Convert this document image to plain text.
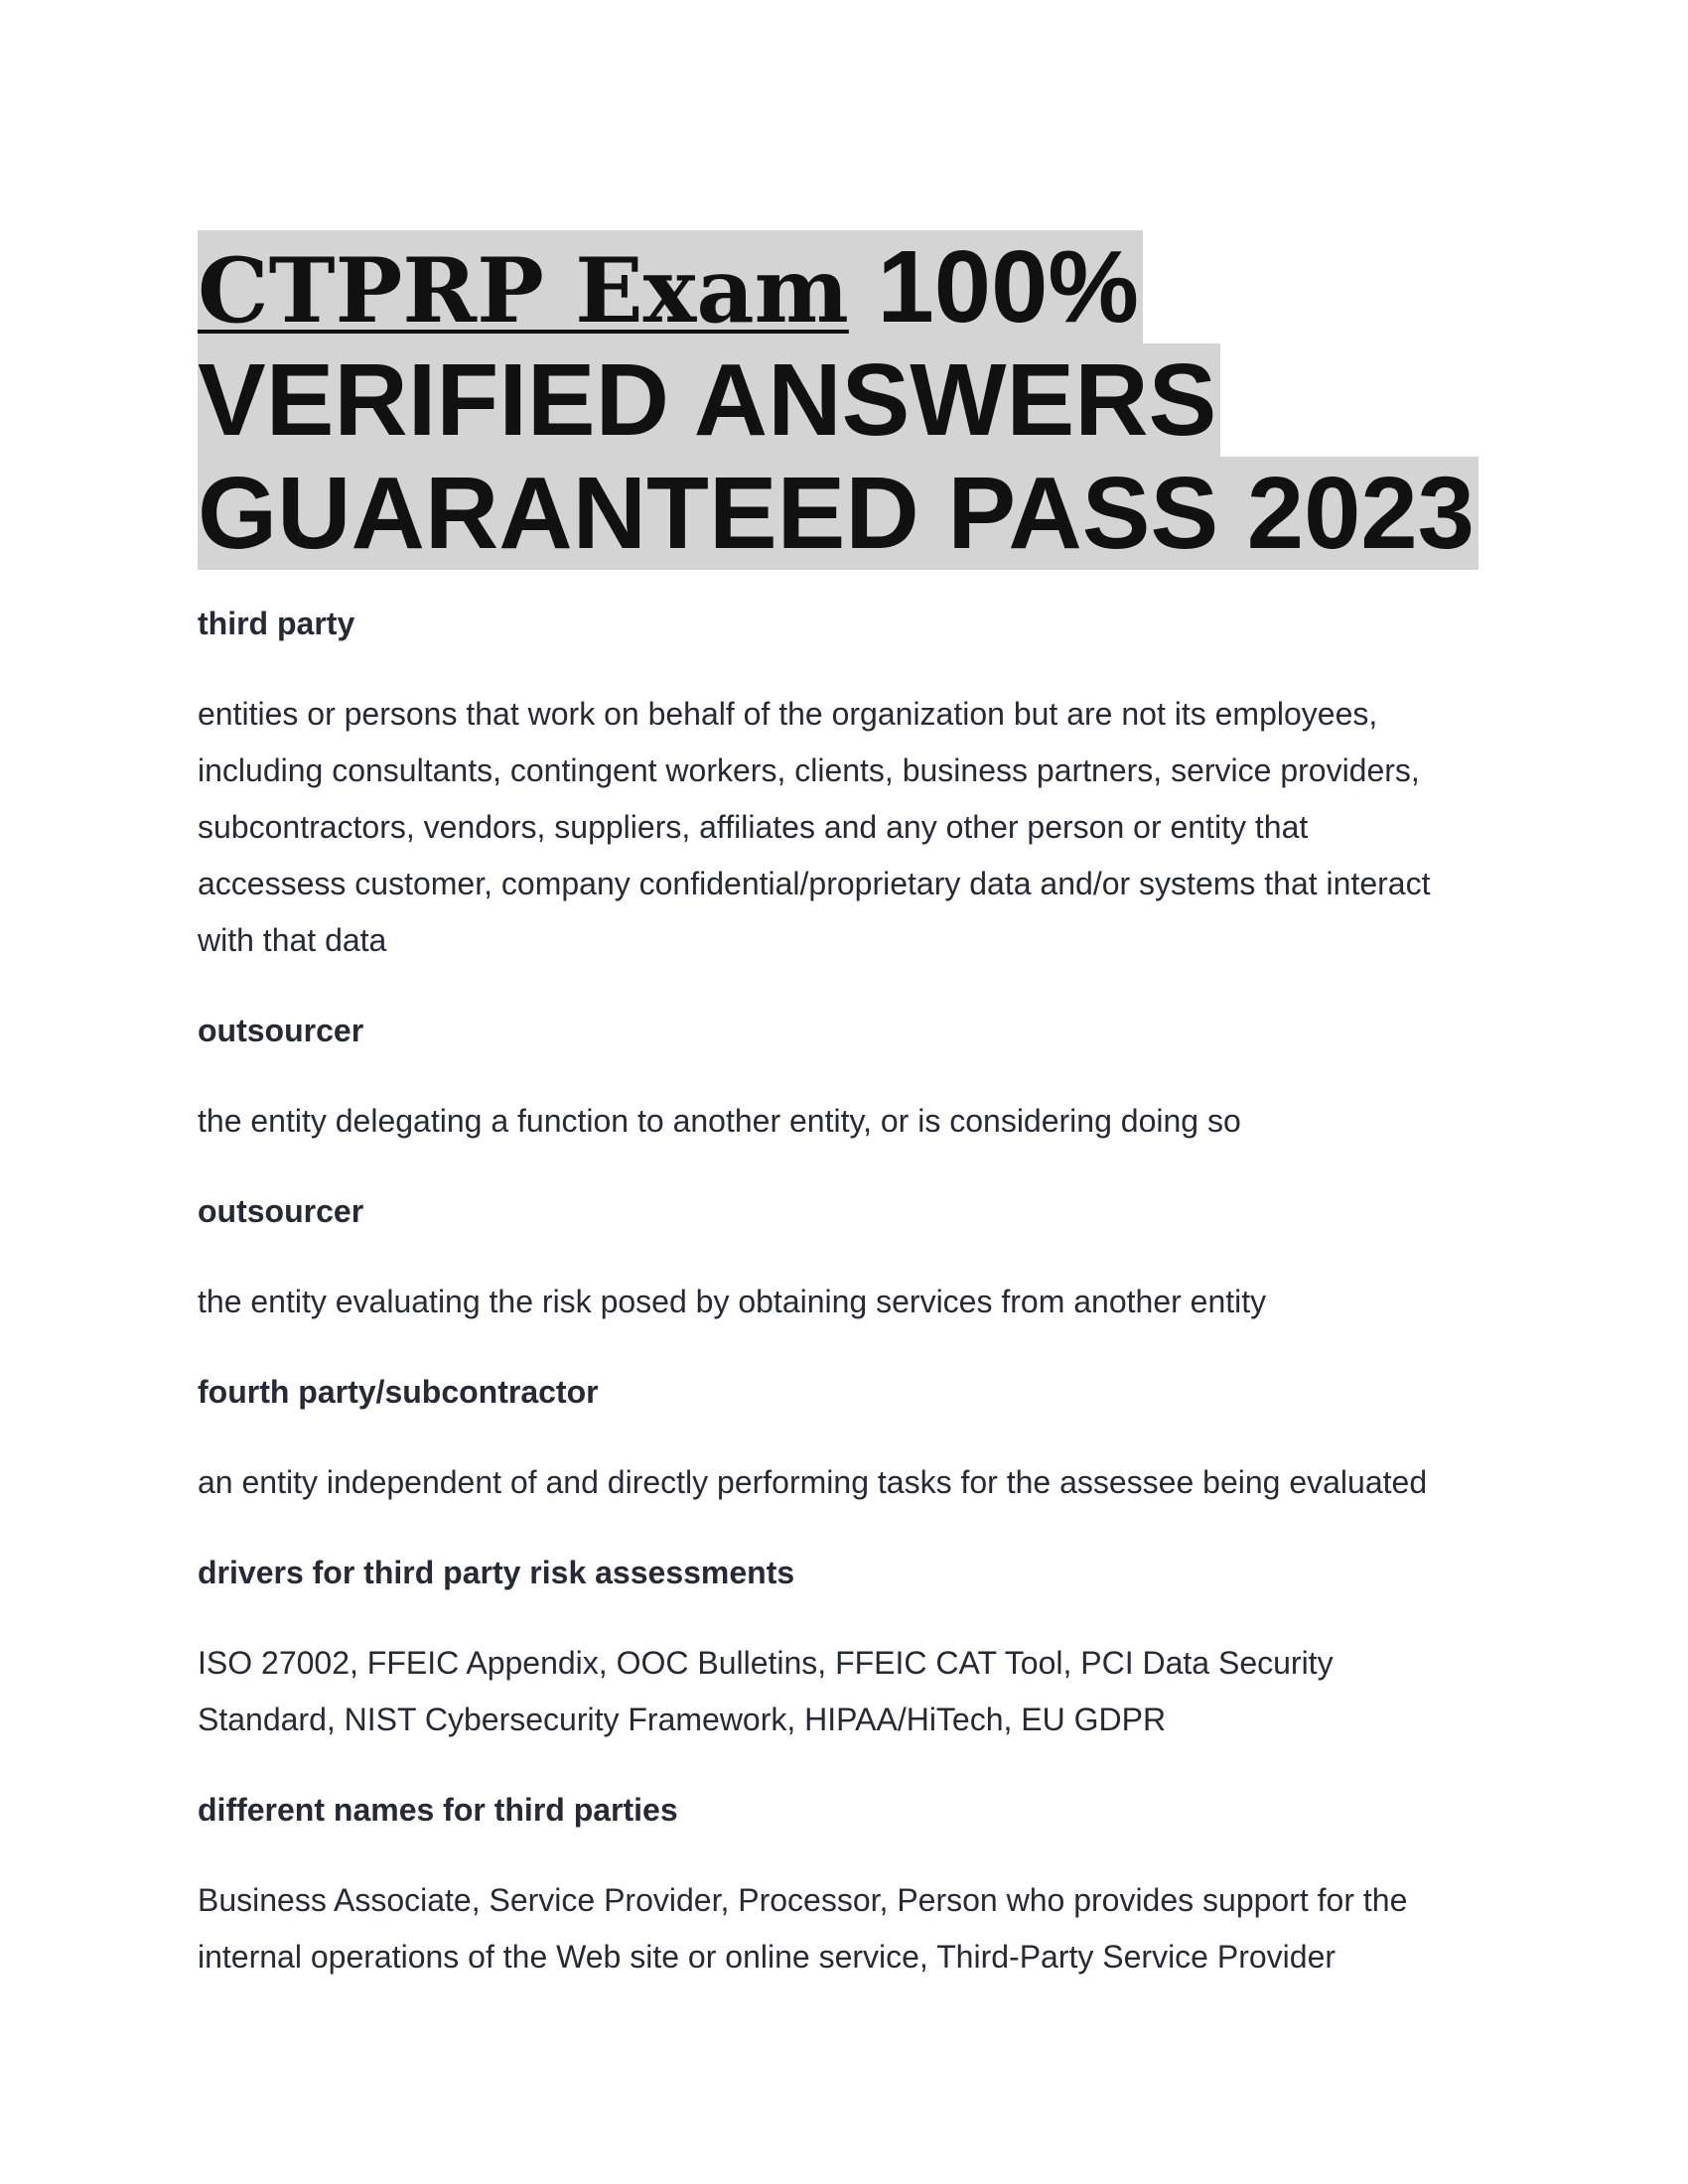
CTPRP Exam 100%
VERIFIED ANSWERS
GUARANTEED PASS 2023

third party

entities or persons that work on behalf of the organization but are not its employees,
including consultants, contingent workers, clients, business partners, service providers,
subcontractors, vendors, suppliers, affiliates and any other person or entity that
accessess customer, company confidential/proprietary data and/or systems that interact
with that data

outsourcer

the entity delegating a function to another entity, or is considering doing so

outsourcer

the entity evaluating the risk posed by obtaining services from another entity

fourth party/subcontractor

an entity independent of and directly performing tasks for the assessee being evaluated

drivers for third party risk assessments

ISO 27002, FFEIC Appendix, OOC Bulletins, FFEIC CAT Tool, PCI Data Security
Standard, NIST Cybersecurity Framework, HIPAA/HiTech, EU GDPR

different names for third parties

Business Associate, Service Provider, Processor, Person who provides support for the
internal operations of the Web site or online service, Third-Party Service Provider
